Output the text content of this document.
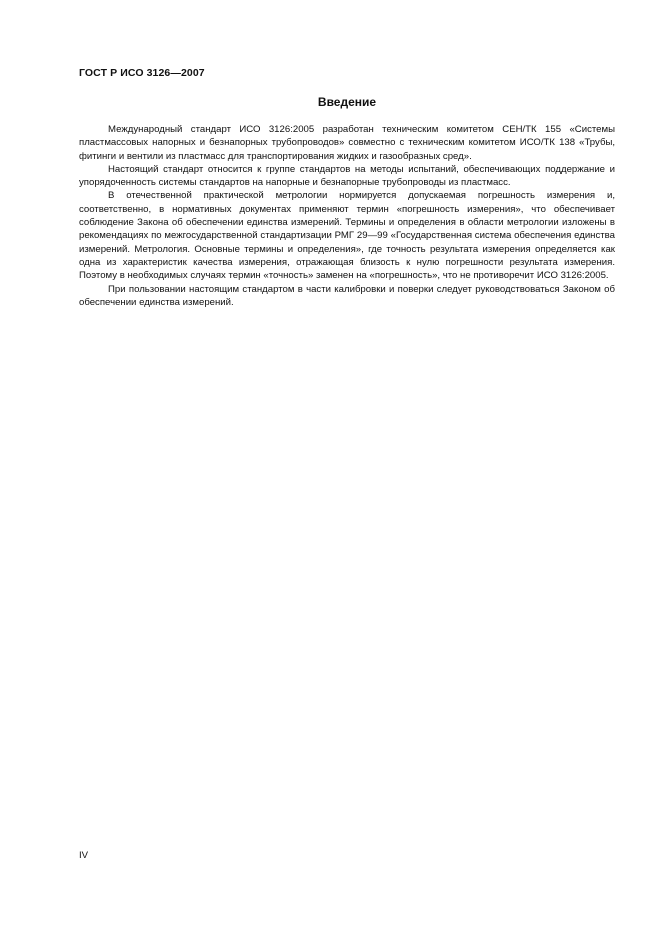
ГОСТ Р ИСО 3126—2007
Введение

Международный стандарт ИСО 3126:2005 разработан техническим комитетом СЕН/ТК 155 «Системы пластмассовых напорных и безнапорных трубопроводов» совместно с техническим комитетом ИСО/ТК 138 «Трубы, фитинги и вентили из пластмасс для транспортирования жидких и газообразных сред».

Настоящий стандарт относится к группе стандартов на методы испытаний, обеспечивающих поддержание и упорядоченность системы стандартов на напорные и безнапорные трубопроводы из пластмасс.

В отечественной практической метрологии нормируется допускаемая погрешность измерения и, соответственно, в нормативных документах применяют термин «погрешность измерения», что обеспечивает соблюдение Закона об обеспечении единства измерений. Термины и определения в области метрологии изложены в рекомендациях по межгосударственной стандартизации РМГ 29—99 «Государственная система обеспечения единства измерений. Метрология. Основные термины и определения», где точность результата измерения определяется как одна из характеристик качества измерения, отражающая близость к нулю погрешности результата измерения. Поэтому в необходимых случаях термин «точность» заменен на «погрешность», что не противоречит ИСО 3126:2005.

При пользовании настоящим стандартом в части калибровки и поверки следует руководствоваться Законом об обеспечении единства измерений.

IV
